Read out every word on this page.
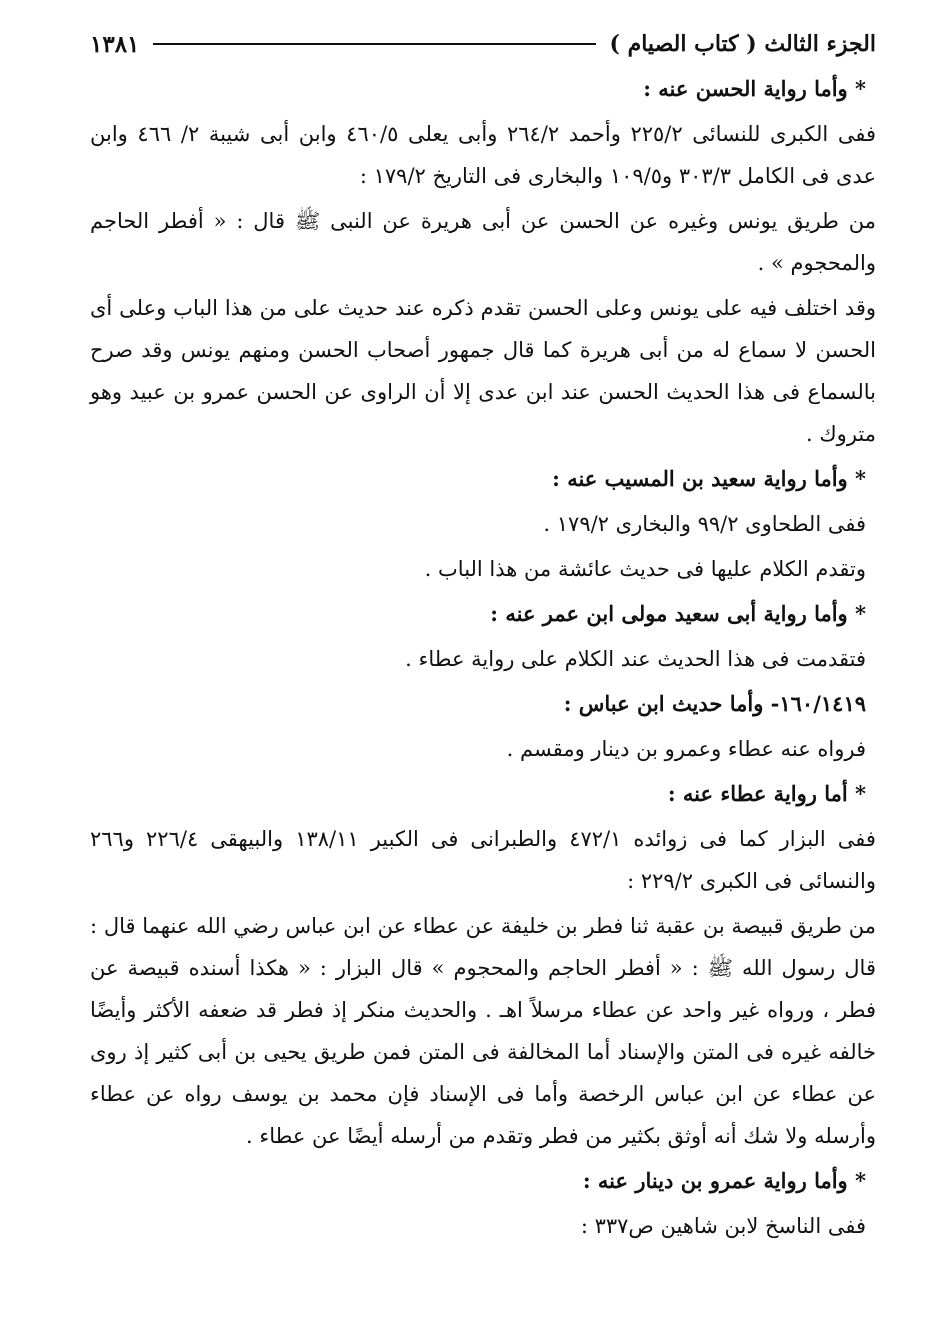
الجزء الثالث ( كتاب الصيام )
١٣٨١
* وأما رواية الحسن عنه :
ففى الكبرى للنسائى ٢٢٥/٢ وأحمد ٢٦٤/٢ وأبى يعلى ٤٦٠/٥ وابن أبى شيبة ٢/ ٤٦٦ وابن عدى فى الكامل ٣٠٣/٣ و١٠٩/٥ والبخارى فى التاريخ ١٧٩/٢ :
من طريق يونس وغيره عن الحسن عن أبى هريرة عن النبى ﷺ قال : « أفطر الحاجم والمحجوم » .
وقد اختلف فيه على يونس وعلى الحسن تقدم ذكره عند حديث على من هذا الباب وعلى أى الحسن لا سماع له من أبى هريرة كما قال جمهور أصحاب الحسن ومنهم يونس وقد صرح بالسماع فى هذا الحديث الحسن عند ابن عدى إلا أن الراوى عن الحسن عمرو بن عبيد وهو متروك .
* وأما رواية سعيد بن المسيب عنه :
ففى الطحاوى ٩٩/٢ والبخارى ١٧٩/٢ .
وتقدم الكلام عليها فى حديث عائشة من هذا الباب .
* وأما رواية أبى سعيد مولى ابن عمر عنه :
فتقدمت فى هذا الحديث عند الكلام على رواية عطاء .
١٦٠/١٤١٩- وأما حديث ابن عباس :
فرواه عنه عطاء وعمرو بن دينار ومقسم .
* أما رواية عطاء عنه :
ففى البزار كما فى زوائده ٤٧٢/١ والطبرانى فى الكبير ١٣٨/١١ والبيهقى ٢٢٦/٤ و٢٦٦ والنسائى فى الكبرى ٢٢٩/٢ :
من طريق قبيصة بن عقبة ثنا فطر بن خليفة عن عطاء عن ابن عباس رضي الله عنهما قال : قال رسول الله ﷺ : « أفطر الحاجم والمحجوم » قال البزار : « هكذا أسنده قبيصة عن فطر ، ورواه غير واحد عن عطاء مرسلاً اهـ . والحديث منكر إذ فطر قد ضعفه الأكثر وأيضًا خالفه غيره فى المتن والإسناد أما المخالفة فى المتن فمن طريق يحيى بن أبى كثير إذ روى عن عطاء عن ابن عباس الرخصة وأما فى الإسناد فإن محمد بن يوسف رواه عن عطاء وأرسله ولا شك أنه أوثق بكثير من فطر وتقدم من أرسله أيضًا عن عطاء .
* وأما رواية عمرو بن دينار عنه :
ففى الناسخ لابن شاهين ص٣٣٧ :
